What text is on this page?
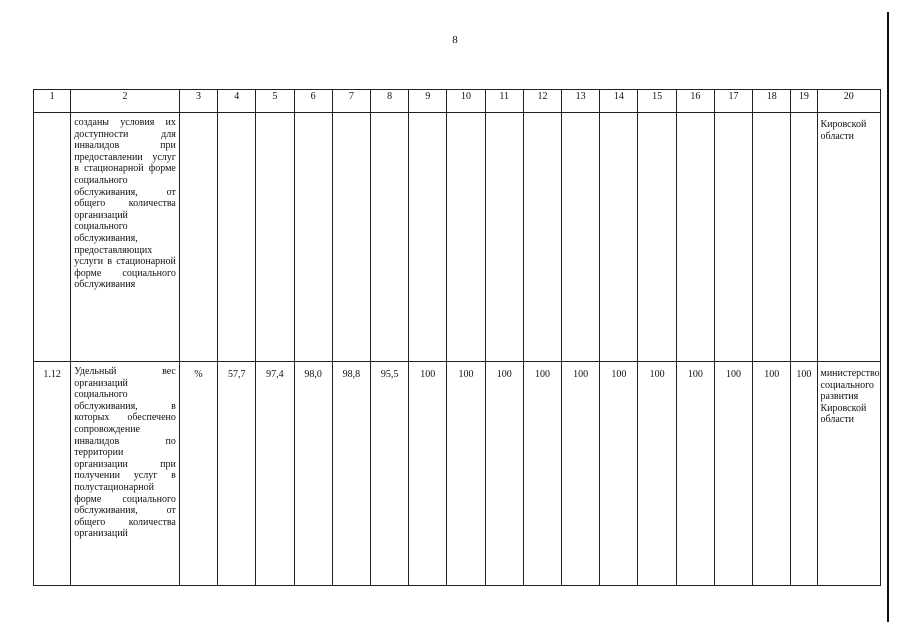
8
1	2	3	4	5	6	7	8	9	10	11	12	13	14	15	16	17	18	19	20
	созданы условия их доступности для инвалидов при предоставлении услуг в стационарной форме социального обслуживания, от общего количества организаций социального обслуживания, предоставляющих услуги в стационарной форме социального обслуживания																		Кировской области
1.12	Удельный вес организаций социального обслуживания, в которых обеспечено сопровождение инвалидов по территории организации при получении услуг в полустационарной форме социального обслуживания, от общего количества организаций	%	57,7	97,4	98,0	98,8	95,5	100	100	100	100	100	100	100	100	100	100	100	министерство социального развития Кировской области
